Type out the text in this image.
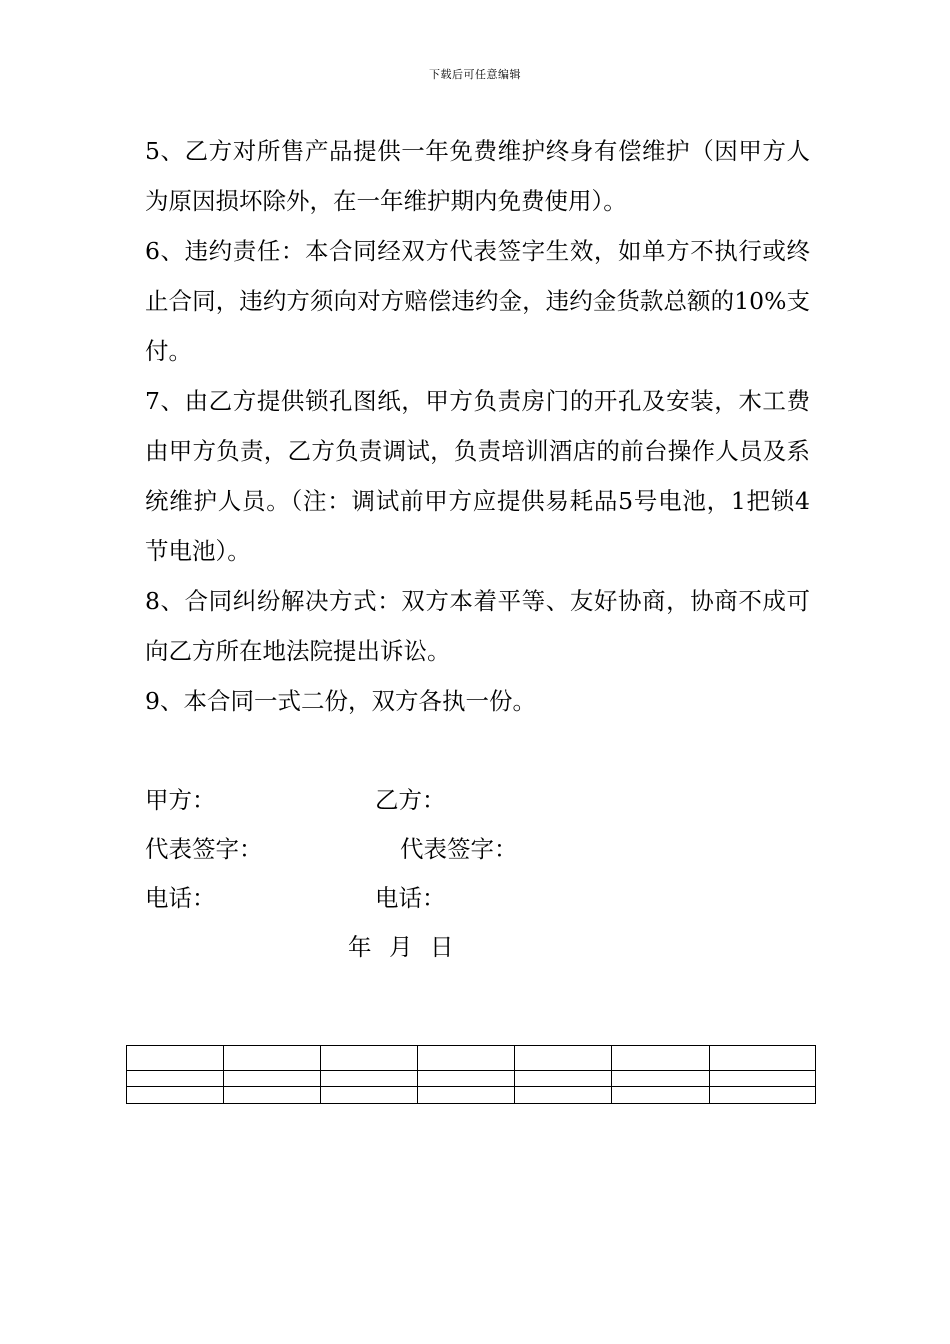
下载后可任意编辑

5、乙方对所售产品提供一年免费维护终身有偿维护（因甲方人为原因损坏除外，在一年维护期内免费使用）。

6、违约责任：本合同经双方代表签字生效，如单方不执行或终止合同，违约方须向对方赔偿违约金，违约金货款总额的10%支付。

7、由乙方提供锁孔图纸，甲方负责房门的开孔及安装，木工费由甲方负责，乙方负责调试，负责培训酒店的前台操作人员及系统维护人员。（注：调试前甲方应提供易耗品5号电池，1把锁4节电池）。

8、合同纠纷解决方式：双方本着平等、友好协商，协商不成可向乙方所在地法院提出诉讼。

9、本合同一式二份，双方各执一份。

甲方：	乙方：
代表签字：	代表签字：
电话：	电话：
年 月 日
